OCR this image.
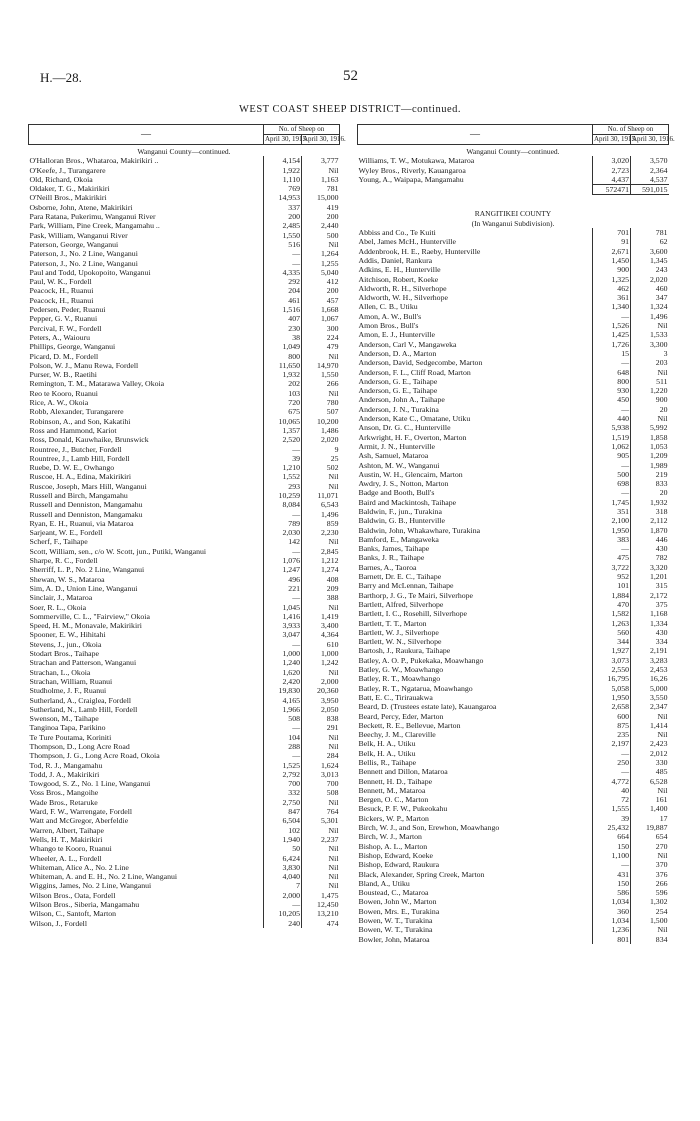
H.—28.	52
WEST COAST SHEEP DISTRICT—continued.
—	No. of Sheep on	
	April 30, 1915.	April 30, 1916.
Wanganui County—continued.		
O'Halloran Bros., Whataroa, Makirikiri ..	4,154	3,777
O'Keefe, J., Turangarere	1,922	Nil
Old, Richard, Okoia	1,110	1,163
Oldaker, T. G., Makirikiri	769	781
O'Neill Bros., Makirikiri	14,953	15,000
Osborne, John, Atene, Makirikiri	337	419
Para Ratana, Pukerimu, Wanganui River	200	200
Park, William, Pine Creek, Mangamahu ..	2,485	2,440
Pask, William, Wanganui River	1,550	500
Paterson, George, Wanganui	516	Nil
Paterson, J., No. 2 Line, Wanganui	—	1,264
Paterson, J., No. 2 Line, Wanganui	—	1,255
Paul and Todd, Upokopoito, Wanganui	4,335	5,040
Paul, W. K., Fordell	292	412
Peacock, H., Ruanui	204	200
Peacock, H., Ruanui	461	457
Pedersen, Peder, Ruanui	1,516	1,668
Pepper, G. V., Ruanui	407	1,067
Percival, F. W., Fordell	230	300
Peters, A., Waiouru	38	224
Phillips, George, Wanganui	1,049	479
Picard, D. M., Fordell	800	Nil
Polson, W. J., Manu Rewa, Fordell	11,650	14,970
Purser, W. B., Raetihi	1,932	1,550
Remington, T. M., Matarawa Valley, Okoia	202	266
Reo te Kooro, Ruanui	103	Nil
Rice, A. W., Okoia	720	780
Robb, Alexander, Turangarere	675	507
Robinson, A., and Son, Kakatihi	10,065	10,200
Ross and Hammond, Kariot	1,357	1,486
Ross, Donald, Kauwhaike, Brunswick	2,520	2,020
Rountree, J., Butcher, Fordell	—	9
Rountree, J., Lamb Hill, Fordell	39	25
Ruebe, D. W. E., Owhango	1,210	502
Ruscoe, H. A., Edina, Makirikiri	1,552	Nil
Ruscoe, Joseph, Mars Hill, Wanganui	293	Nil
Russell and Birch, Mangamahu	10,259	11,071
Russell and Denniston, Mangamahu	8,084	6,543
Russell and Denniston, Mangamaku	—	1,496
Ryan, E. H., Ruanui, via Mataroa	789	859
Sarjeant, W. E., Fordell	2,030	2,230
Scherf, F., Taihape	142	Nil
Scott, William, sen., c/o W. Scott, jun., Putiki, Wanganui	—	2,845
Sharpe, R. C., Fordell	1,076	1,212
Sherriff, L. P., No. 2 Line, Wanganui	1,247	1,274
Shewan, W. S., Mataroa	496	408
Sim, A. D., Union Line, Wanganui	221	209
Sinclair, J., Mataroa	—	388
Soer, R. L., Okoia	1,045	Nil
Sommerville, C. L., "Fairview," Okoia	1,416	1,419
Speed, H. M., Monavale, Makirikiri	3,933	3,400
Spooner, E. W., Hihitahi	3,047	4,364
Stevens, J., jun., Okoia	—	610
Stodart Bros., Taihape	1,000	1,000
Strachan and Patterson, Wanganui	1,240	1,242
Strachan, L., Okoia	1,620	Nil
Strachan, William, Ruanui	2,420	2,000
Studholme, J. F., Ruanui	19,830	20,360
Sutherland, A., Craiglea, Fordell	4,165	3,950
Sutherland, N., Lamb Hill, Fordell	1,966	2,050
Swenson, M., Taihape	508	838
Tanginoa Tapa, Parikino	—	291
Te Ture Poutama, Koriniti	104	Nil
Thompson, D., Long Acre Road	288	Nil
Thompson, J. G., Long Acre Road, Okoia	—	284
Tod, R. J., Mangamahu	1,525	1,624
Todd, J. A., Makirikiri	2,792	3,013
Towgood, S. Z., No. 1 Line, Wanganui	700	700
Voss Bros., Mangoihe	332	508
Wade Bros., Retaruke	2,750	Nil
Ward, F. W., Warrengate, Fordell	847	764
Watt and McGregor, Aberfeldie	6,504	5,301
Warren, Albert, Taihape	102	Nil
Wells, H. T., Makirikiri	1,940	2,237
Whango te Kooro, Ruanui	50	Nil
Wheeler, A. L., Fordell	6,424	Nil
Whiteman, Alice A., No. 2 Line	3,830	Nil
Whiteman, A. and E. H., No. 2 Line, Wanganui	4,040	Nil
Wiggins, James, No. 2 Line, Wanganui	7	Nil
Wilson Bros., Oata, Fordell	2,000	1,475
Wilson Bros., Siberia, Mangamahu	—	12,450
Wilson, C., Santoft, Marton	10,205	13,210
Wilson, J., Fordell	240	474
—	No. of Sheep on	
	April 30, 1915.	April 30, 1916.
Wanganui County—continued.		
Williams, T. W., Motukawa, Mataroa	3,020	3,570
Wyley Bros., Riverly, Kauangaroa	2,723	2,364
Young, A., Waipapa, Mangamahu	4,437	4,537
	572471	591,015

RANGITIKEI COUNTY		
(In Wanganui Subdivision).		
Abbiss and Co., Te Kuiti	701	781
Abel, James McH., Hunterville	91	62
Addenbrook, H. E., Raeby, Hunterville	2,671	3,600
Addis, Daniel, Rankura	1,450	1,345
Adkins, E. H., Hunterville	900	243
Aitchison, Robert, Koeke	1,325	2,020
Aldworth, R. H., Silverhope	462	460
Aldworth, W. H., Silverhope	361	347
Allen, C. B., Utiku	1,340	1,324
Amon, A. W., Bull's	—	1,496
Amon Bros., Bull's	1,526	Nil
Amon, E. J., Hunterville	1,425	1,533
Anderson, Carl V., Mangaweka	1,726	3,300
Anderson, D. A., Marton	15	3
Anderson, David, Sedgecombe, Marton	—	203
Anderson, F. L., Cliff Road, Marton	648	Nil
Anderson, G. E., Taihape	800	511
Anderson, G. E., Taihape	930	1,220
Anderson, John A., Taihape	450	900
Anderson, J. N., Turakina	—	20
Anderson, Kate C., Omatane, Utiku	440	Nil
Anson, Dr. G. C., Hunterville	5,938	5,992
Arkwright, H. F., Overton, Marton	1,519	1,858
Armit, J. N., Hunterville	1,062	1,053
Ash, Samuel, Mataroa	905	1,209
Ashton, M. W., Wanganui	—	1,989
Austin, W. H., Glencairn, Marton	500	219
Awdry, J. S., Notton, Marton	698	833
Badge and Booth, Bull's	—	20
Baird and Mackintosh, Taihape	1,745	1,932
Baldwin, F., jun., Turakina	351	318
Baldwin, G. B., Hunterville	2,100	2,112
Baldwin, John, Whakawhare, Turakina	1,950	1,870
Bamford, E., Mangaweka	383	446
Banks, James, Taihape	—	430
Banks, J. R., Taihape	475	782
Barnes, A., Taoroa	3,722	3,320
Barnett, Dr. E. C., Taihape	952	1,201
Barry and McLennan, Taihape	101	315
Barthorp, J. G., Te Mairi, Silverhope	1,884	2,172
Bartlett, Alfred, Silverhope	470	375
Bartlett, I. C., Rosehill, Silverhope	1,582	1,168
Bartlett, T. T., Marton	1,263	1,334
Bartlett, W. J., Silverhope	560	430
Bartlett, W. N., Silverhope	344	334
Bartosh, J., Raukura, Taihape	1,927	2,191
Batley, A. O. P., Pukekaka, Moawhango	3,073	3,283
Batley, G. W., Moawhango	2,550	2,453
Batley, R. T., Moawhango	16,795	16,26
Batley, R. T., Ngatarua, Moawhango	5,058	5,000
Batt, E. C., Tirirauakwa	1,950	3,550
Beard, D. (Trustees estate late), Kauangaroa	2,658	2,347
Beard, Percy, Eder, Marton	600	Nil
Beckett, R. E., Bellevue, Marton	875	1,414
Beechy, J. M., Clareville	235	Nil
Belk, H. A., Utiku	2,197	2,423
Belk, H. A., Utiku	—	2,012
Bellis, R., Taihape	250	330
Bennett and Dillon, Mataroa	—	485
Bennett, H. D., Taihape	4,772	6,528
Bennett, M., Mataroa	40	Nil
Bergen, O. C., Marton	72	161
Besuck, P. F. W., Pukeokahu	1,555	1,400
Bickers, W. P., Marton	39	17
Birch, W. J., and Son, Erewhon, Moawhango	25,432	19,887
Birch, W. J., Marton	664	654
Bishop, A. L., Marton	150	270
Bishop, Edward, Koeke	1,100	Nil
Bishop, Edward, Raukura	—	370
Black, Alexander, Spring Creek, Marton	431	376
Bland, A., Utiku	150	266
Boustead, C., Mataroa	586	596
Bowen, John W., Marton	1,034	1,302
Bowen, Mrs. E., Turakina	360	254
Bowen, W. T., Turakina	1,034	1,500
Bowen, W. T., Turakina	1,236	Nil
Bowler, John, Mataroa	801	834
